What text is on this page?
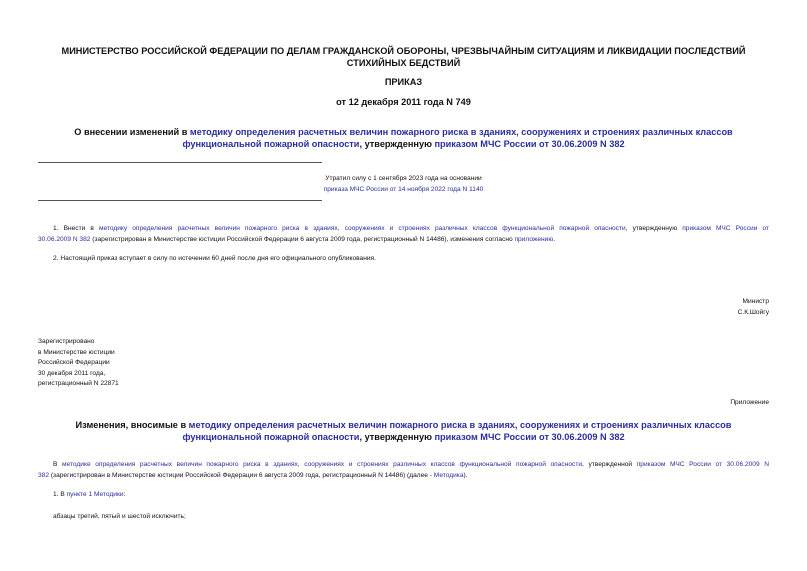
МИНИСТЕРСТВО РОССИЙСКОЙ ФЕДЕРАЦИИ ПО ДЕЛАМ ГРАЖДАНСКОЙ ОБОРОНЫ, ЧРЕЗВЫЧАЙНЫМ СИТУАЦИЯМ И ЛИКВИДАЦИИ ПОСЛЕДСТВИЙ СТИХИЙНЫХ БЕДСТВИЙ
ПРИКАЗ
от 12 декабря 2011 года N 749
О внесении изменений в методику определения расчетных величин пожарного риска в зданиях, сооружениях и строениях различных классов функциональной пожарной опасности, утвержденную приказом МЧС России от 30.06.2009 N 382
Утратил силу с 1 сентября 2023 года на основании
приказа МЧС России от 14 ноября 2022 года N 1140
1. Внести в методику определения расчетных величин пожарного риска в зданиях, сооружениях и строениях различных классов функциональной пожарной опасности, утвержденную приказом МЧС России от
30.06.2009 N 382 (зарегистрирован в Министерстве юстиции Российской Федерации 6 августа 2009 года, регистрационный N 14486), изменения согласно приложению.
2. Настоящий приказ вступает в силу по истечении 60 дней после дня его официального опубликования.
Министр
С.К.Шойгу
Зарегистрировано
в Министерстве юстиции
Российской Федерации
30 декабря 2011 года,
регистрационный N 22871
Приложение
Изменения, вносимые в методику определения расчетных величин пожарного риска в зданиях, сооружениях и строениях различных классов функциональной пожарной опасности, утвержденную приказом МЧС России от 30.06.2009 N 382
В методике определения расчетных величин пожарного риска в зданиях, сооружениях и строениях различных классов функциональной пожарной опасности, утвержденной приказом МЧС России от 30.06.2009 N
382 (зарегистрирован в Министерстве юстиции Российской Федерации 6 августа 2009 года, регистрационный N 14486) (далее - Методика).
1. В пункте 1 Методики:
абзацы третий, пятый и шестой исключить;
